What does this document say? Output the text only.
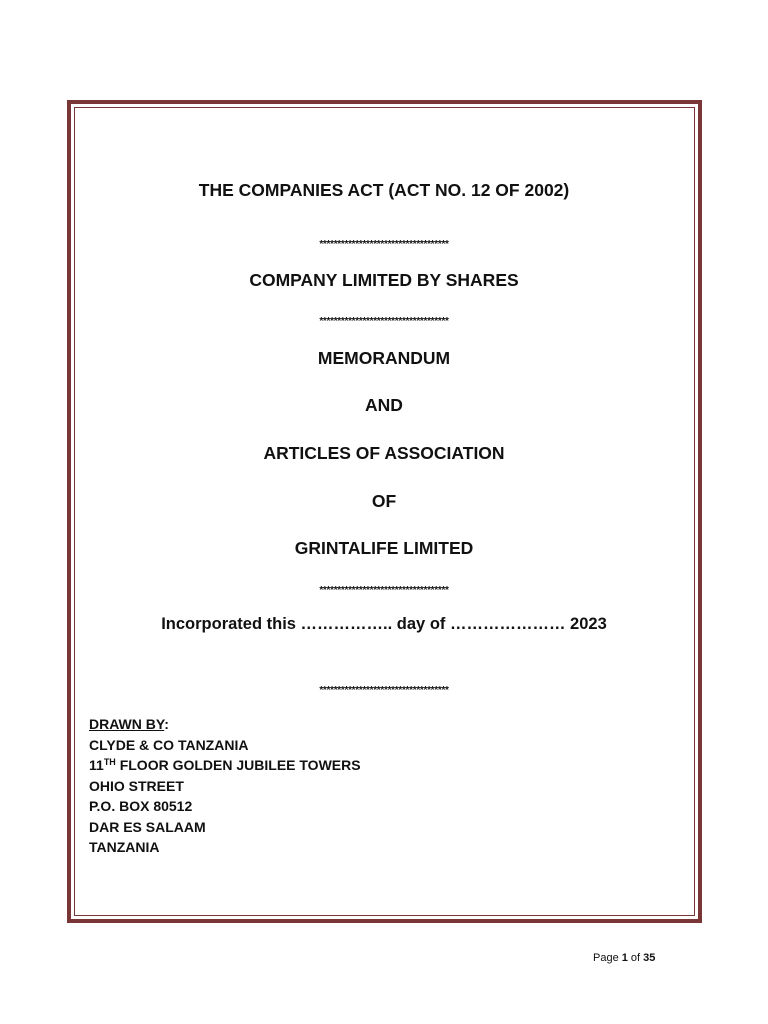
THE COMPANIES ACT (ACT NO. 12 OF 2002)
************************************
COMPANY LIMITED BY SHARES
************************************
MEMORANDUM
AND
ARTICLES OF ASSOCIATION
OF
GRINTALIFE LIMITED
************************************
Incorporated this …………….. day of ………………… 2023
************************************
DRAWN BY:
CLYDE & CO TANZANIA
11TH FLOOR GOLDEN JUBILEE TOWERS
OHIO STREET
P.O. BOX 80512
DAR ES SALAAM
TANZANIA
Page 1 of 35
